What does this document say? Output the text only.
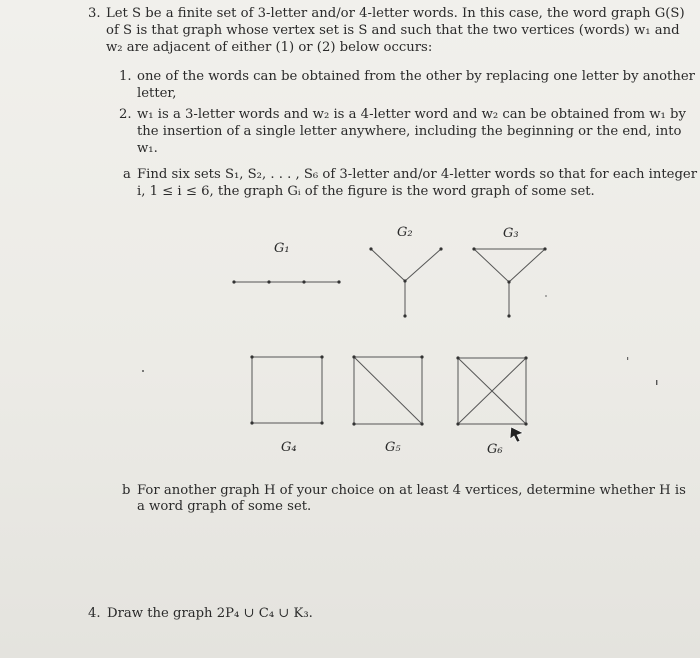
3. Let S be a finite set of 3-letter and/or 4-letter words. In this case, the word graph G(S)
of S is that graph whose vertex set is S and such that the two vertices (words) w₁ and
w₂ are adjacent of either (1) or (2) below occurs:
1. one of the words can be obtained from the other by replacing one letter by another
letter,
2. w₁ is a 3-letter words and w₂ is a 4-letter word and w₂ can be obtained from w₁ by
the insertion of a single letter anywhere, including the beginning or the end, into
w₁.
a Find six sets S₁, S₂, . . . , S₆ of 3-letter and/or 4-letter words so that for each integer
i, 1 ≤ i ≤ 6, the graph Gᵢ of the figure is the word graph of some set.
G₁
G₂	G₃
G₄	G₅	G₆
b For another graph H of your choice on at least 4 vertices, determine whether H is
a word graph of some set.
4. Draw the graph 2P₄ ∪ C₄ ∪ K₃.
